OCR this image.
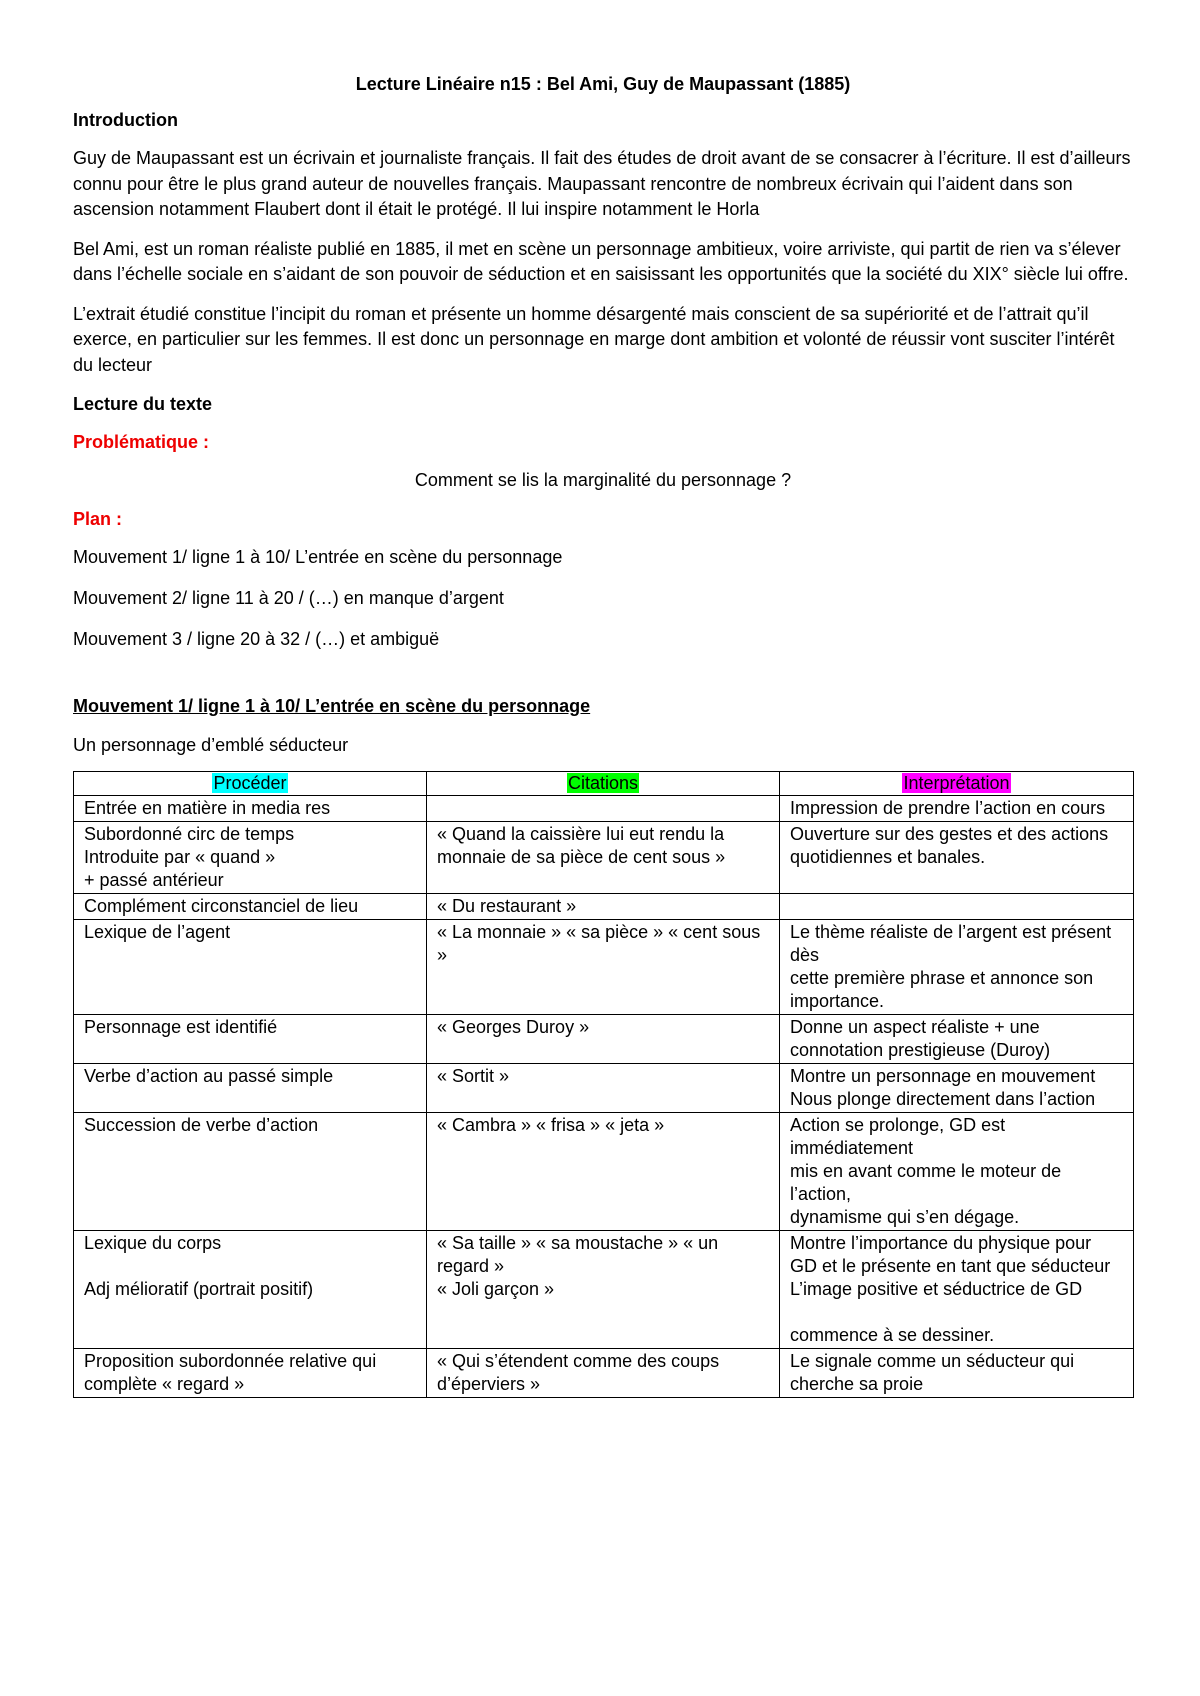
Lecture Linéaire n15 : Bel Ami, Guy de Maupassant (1885)
Introduction

Guy de Maupassant est un écrivain et journaliste français. Il fait des études de droit avant de se consacrer à l’écriture. Il est d’ailleurs connu pour être le plus grand auteur de nouvelles français. Maupassant rencontre de nombreux écrivain qui l’aident dans son ascension notamment Flaubert dont il était le protégé. Il lui inspire notamment le Horla

Bel Ami, est un roman réaliste publié en 1885, il met en scène un personnage ambitieux, voire arriviste, qui partit de rien va s’élever dans l’échelle sociale en s’aidant de son pouvoir de séduction et en saisissant les opportunités que la société du XIX° siècle lui offre.

L’extrait étudié constitue l’incipit du roman et présente un homme désargenté mais conscient de sa supériorité et de l’attrait qu’il exerce, en particulier sur les femmes. Il est donc un personnage en marge dont ambition et volonté de réussir vont susciter l’intérêt du lecteur

Lecture du texte
Problématique :
Comment se lis la marginalité du personnage ?
Plan :
Mouvement 1/ ligne 1 à 10/ L’entrée en scène du personnage
Mouvement 2/ ligne 11 à 20 / (…) en manque d’argent
Mouvement 3 / ligne 20 à 32 / (…) et ambiguë
Mouvement 1/ ligne 1 à 10/ L’entrée en scène du personnage
Un personnage d’emblé séducteur
Procéder	Citations	Interprétation

Entrée en matière in media res		Impression de prendre l’action en cours

Subordonné circ de temps
Introduite par « quand »
+ passé antérieur	« Quand la caissière lui eut rendu la monnaie de sa pièce de cent sous »	Ouverture sur des gestes et des actions
quotidiennes et banales.

Complément circonstanciel de lieu	« Du restaurant »	

Lexique de l’agent	« La monnaie » « sa pièce » « cent sous »	Le thème réaliste de l’argent est présent dès
cette première phrase et annonce son
importance.

Personnage est identifié	« Georges Duroy »	Donne un aspect réaliste + une connotation prestigieuse (Duroy)

Verbe d’action au passé simple	« Sortit »	Montre un personnage en mouvement
Nous plonge directement dans l’action

Succession de verbe d’action	« Cambra » « frisa » « jeta »	Action se prolonge, GD est immédiatement
mis en avant comme le moteur de l’action,
dynamisme qui s’en dégage.

Lexique du corps
Adj mélioratif (portrait positif)	« Sa taille » « sa moustache » « un regard »
« Joli garçon »	Montre l’importance du physique pour GD et le présente en tant que séducteur
L’image positive et séductrice de GD
commence à se dessiner.

Proposition subordonnée relative qui complète « regard »	« Qui s’étendent comme des coups d’éperviers »	Le signale comme un séducteur qui cherche sa proie
